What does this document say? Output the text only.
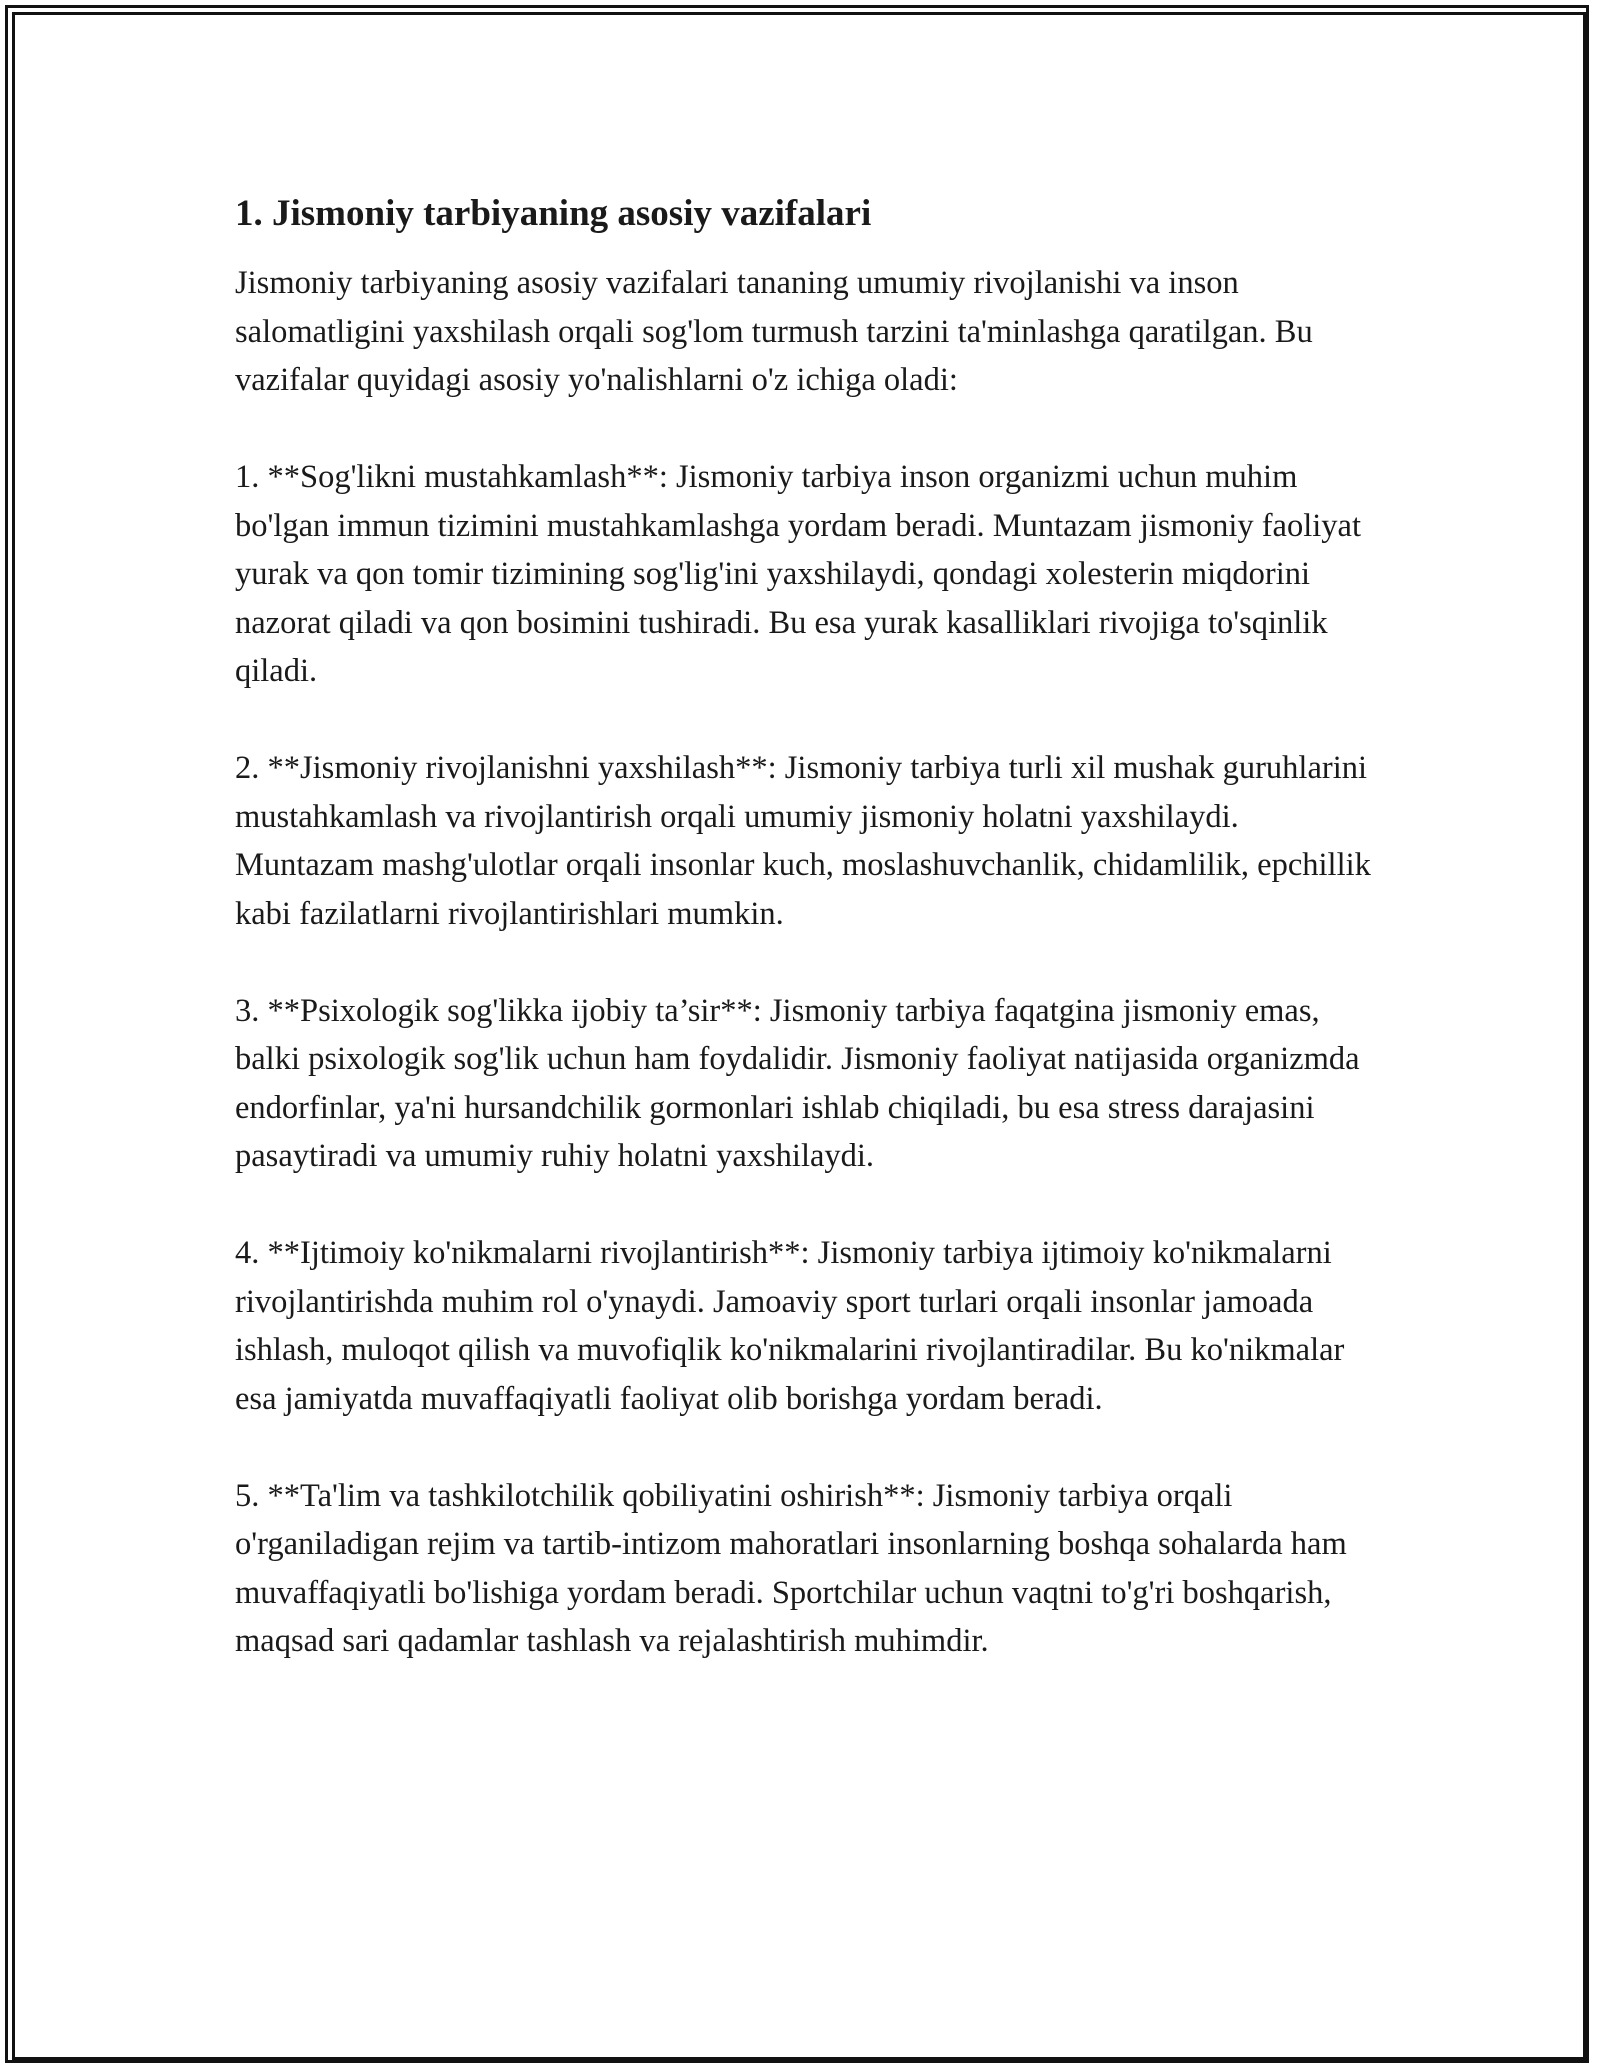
1. Jismoniy tarbiyaning asosiy vazifalari

Jismoniy tarbiyaning asosiy vazifalari tananing umumiy rivojlanishi va inson salomatligini yaxshilash orqali sog'lom turmush tarzini ta'minlashga qaratilgan. Bu vazifalar quyidagi asosiy yo'nalishlarni o'z ichiga oladi:

1. **Sog'likni mustahkamlash**: Jismoniy tarbiya inson organizmi uchun muhim bo'lgan immun tizimini mustahkamlashga yordam beradi. Muntazam jismoniy faoliyat yurak va qon tomir tizimining sog'lig'ini yaxshilaydi, qondagi xolesterin miqdorini nazorat qiladi va qon bosimini tushiradi. Bu esa yurak kasalliklari rivojiga to'sqinlik qiladi.

2. **Jismoniy rivojlanishni yaxshilash**: Jismoniy tarbiya turli xil mushak guruhlarini mustahkamlash va rivojlantirish orqali umumiy jismoniy holatni yaxshilaydi. Muntazam mashg'ulotlar orqali insonlar kuch, moslashuvchanlik, chidamlilik, epchillik kabi fazilatlarni rivojlantirishlari mumkin.

3. **Psixologik sog'likka ijobiy ta’sir**: Jismoniy tarbiya faqatgina jismoniy emas, balki psixologik sog'lik uchun ham foydalidir. Jismoniy faoliyat natijasida organizmda endorfinlar, ya'ni hursandchilik gormonlari ishlab chiqiladi, bu esa stress darajasini pasaytiradi va umumiy ruhiy holatni yaxshilaydi.

4. **Ijtimoiy ko'nikmalarni rivojlantirish**: Jismoniy tarbiya ijtimoiy ko'nikmalarni rivojlantirishda muhim rol o'ynaydi. Jamoaviy sport turlari orqali insonlar jamoada ishlash, muloqot qilish va muvofiqlik ko'nikmalarini rivojlantiradilar. Bu ko'nikmalar esa jamiyatda muvaffaqiyatli faoliyat olib borishga yordam beradi.

5. **Ta'lim va tashkilotchilik qobiliyatini oshirish**: Jismoniy tarbiya orqali o'rganiladigan rejim va tartib-intizom mahoratlari insonlarning boshqa sohalarda ham muvaffaqiyatli bo'lishiga yordam beradi. Sportchilar uchun vaqtni to'g'ri boshqarish, maqsad sari qadamlar tashlash va rejalashtirish muhimdir.
